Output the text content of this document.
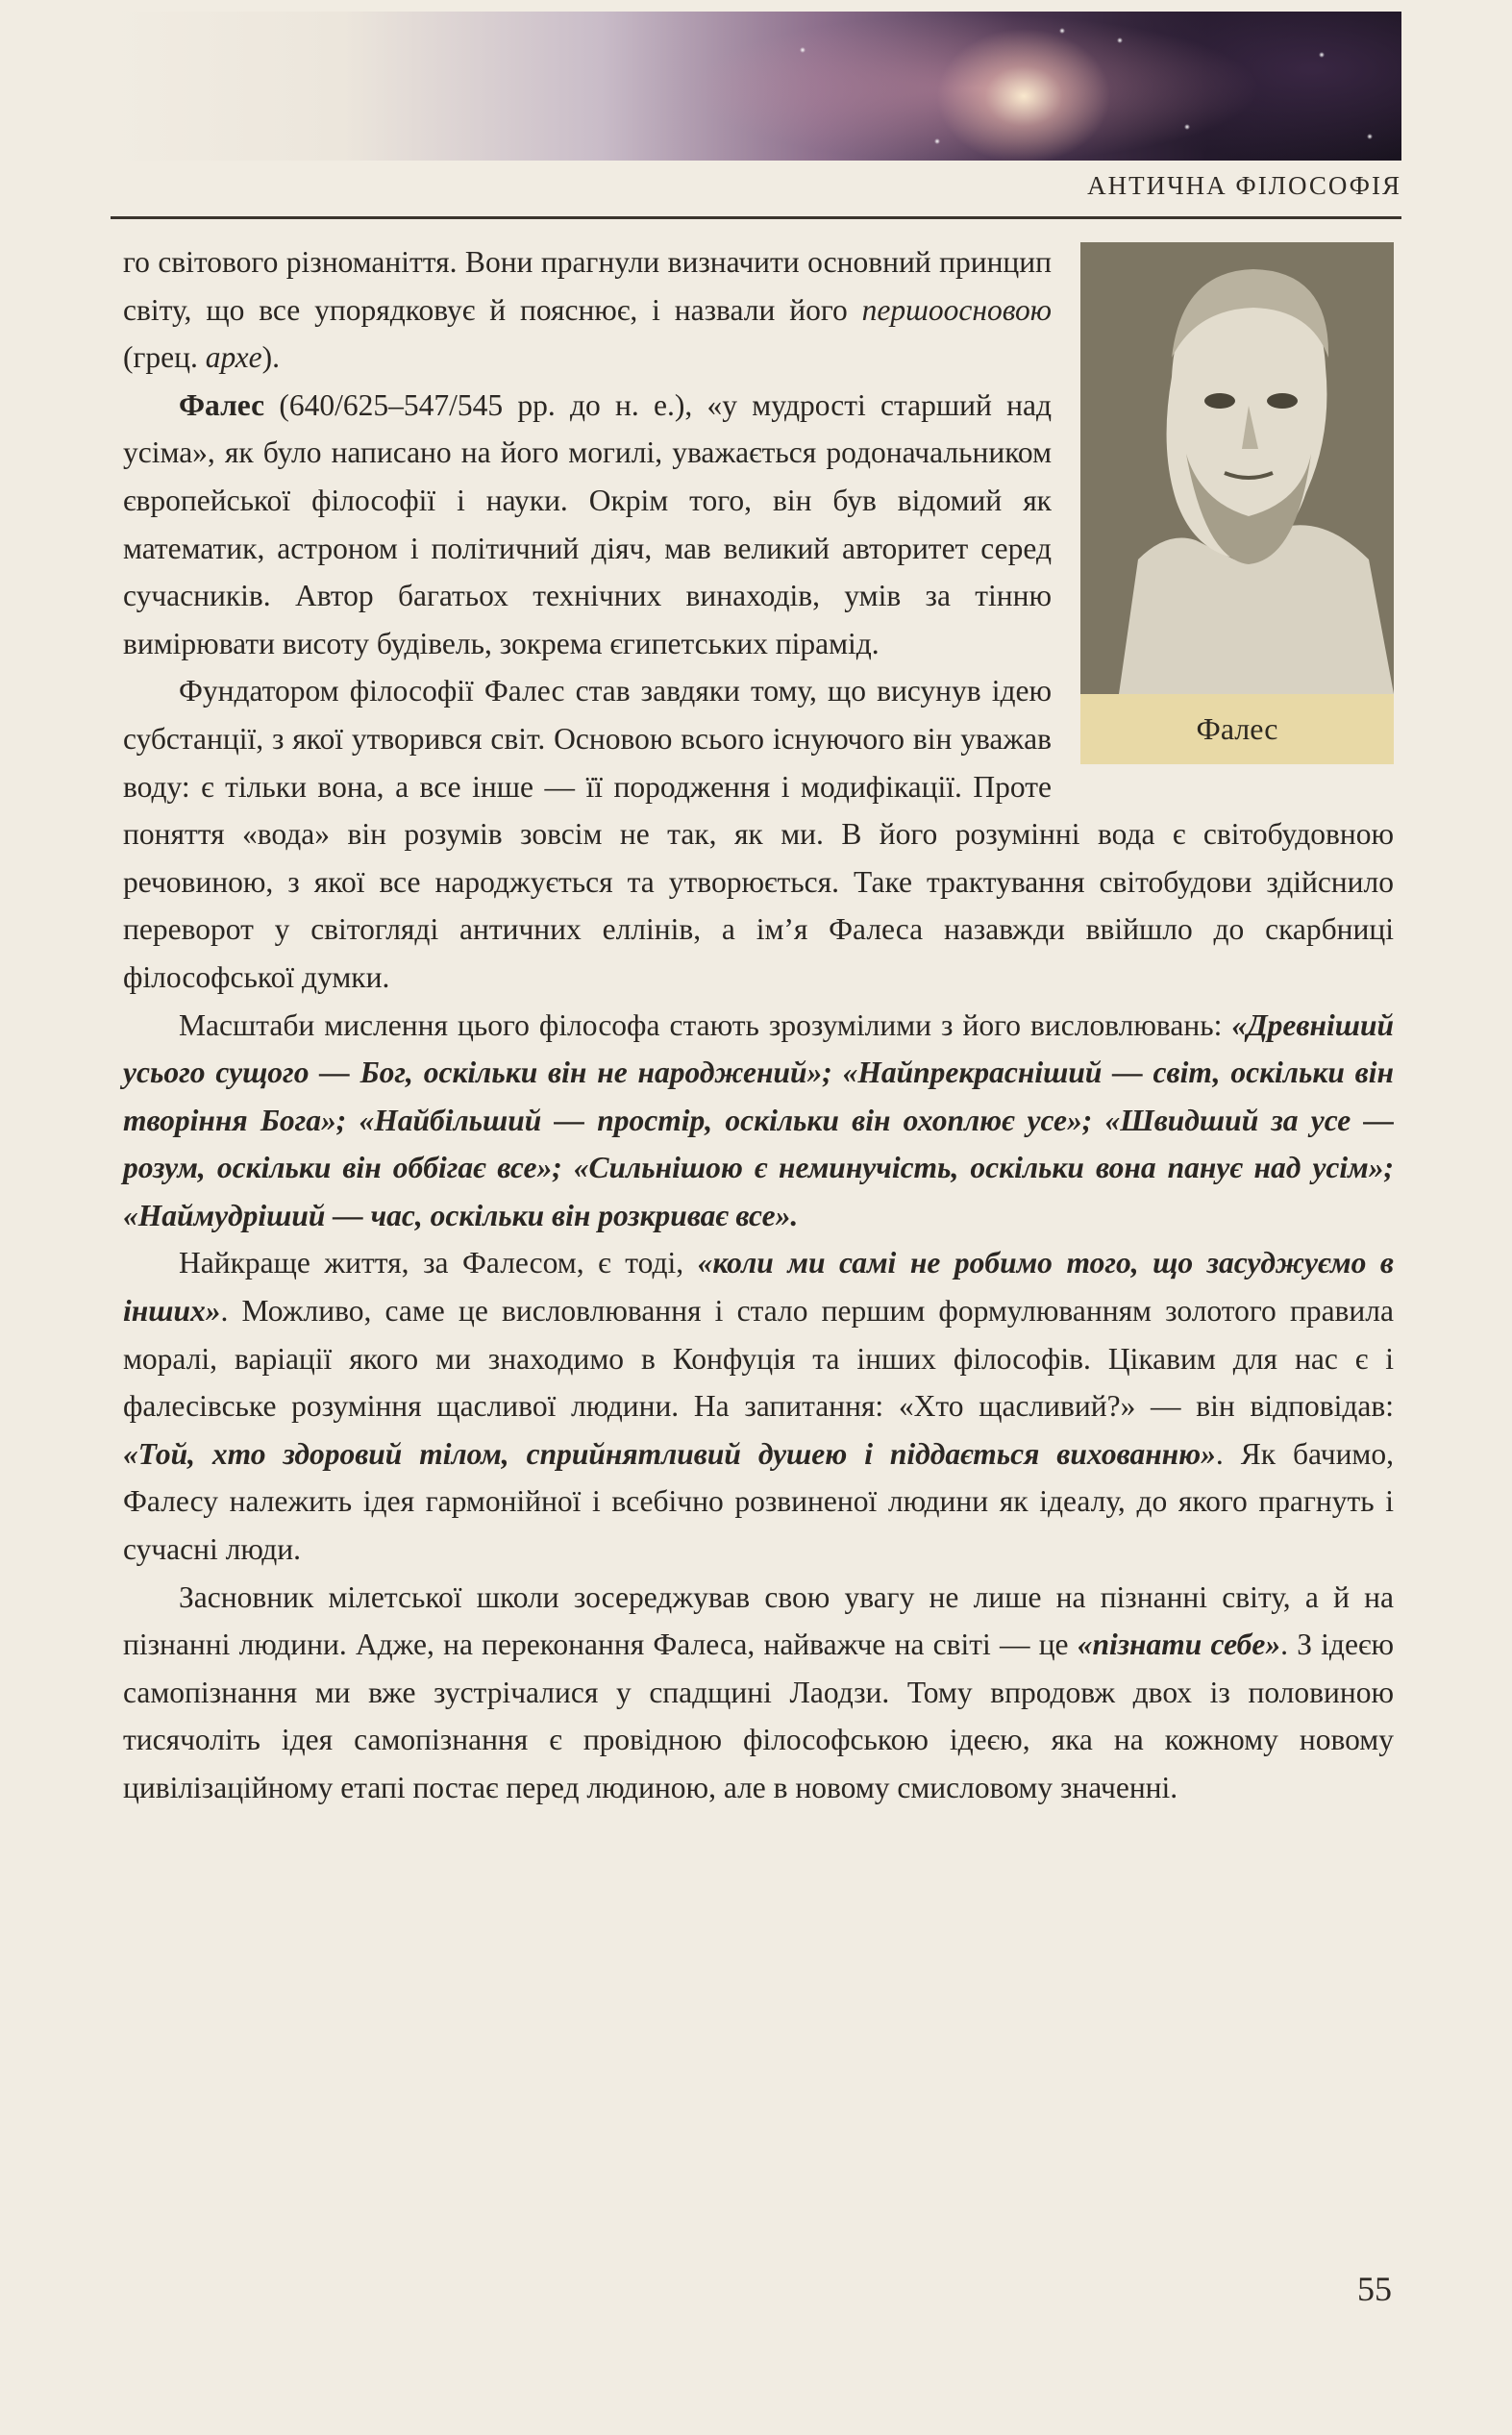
АНТИЧНА ФІЛОСОФІЯ
Фалес

го світового різноманіття. Вони прагнули визначити основний принцип світу, що все упорядковує й пояснює, і назвали його першоосновою (грец. архе).

Фалес (640/625–547/545 рр. до н. е.), «у мудрості старший над усіма», як було написано на його могилі, уважається родоначальником європейської філософії і науки. Окрім того, він був відомий як математик, астроном і політичний діяч, мав великий авторитет серед сучасників. Автор багатьох технічних винаходів, умів за тінню вимірювати висоту будівель, зокрема єгипетських пірамід.

Фундатором філософії Фалес став завдяки тому, що висунув ідею субстанції, з якої утворився світ. Основою всього існуючого він уважав воду: є тільки вона, а все інше — її породження і модифікації. Проте поняття «вода» він розумів зовсім не так, як ми. В його розумінні вода є світобудовною речовиною, з якої все народжується та утворюється. Таке трактування світобудови здійснило переворот у світогляді античних еллінів, а ім’я Фалеса назавжди ввійшло до скарбниці філософської думки.

Масштаби мислення цього філософа стають зрозумілими з його висловлювань: «Древніший усього сущого — Бог, оскільки він не народжений»; «Найпрекрасніший — світ, оскільки він творіння Бога»; «Найбільший — простір, оскільки він охоплює усе»; «Швидший за усе — розум, оскільки він оббігає все»; «Сильнішою є неминучість, оскільки вона панує над усім»; «Наймудріший — час, оскільки він розкриває все».

Найкраще життя, за Фалесом, є тоді, «коли ми самі не робимо того, що засуджуємо в інших». Можливо, саме це висловлювання і стало першим формулюванням золотого правила моралі, варіації якого ми знаходимо в Конфуція та інших філософів. Цікавим для нас є і фалесівське розуміння щасливої людини. На запитання: «Хто щасливий?» — він відповідав: «Той, хто здоровий тілом, сприйнятливий душею і піддається вихованню». Як бачимо, Фалесу належить ідея гармонійної і всебічно розвиненої людини як ідеалу, до якого прагнуть і сучасні люди.

Засновник мілетської школи зосереджував свою увагу не лише на пізнанні світу, а й на пізнанні людини. Адже, на переконання Фалеса, найважче на світі — це «пізнати себе». З ідеєю самопізнання ми вже зустрічалися у спадщині Лаодзи. Тому впродовж двох із половиною тисячоліть ідея самопізнання є провідною філософською ідеєю, яка на кожному новому цивілізаційному етапі постає перед людиною, але в новому смисловому значенні.

55
